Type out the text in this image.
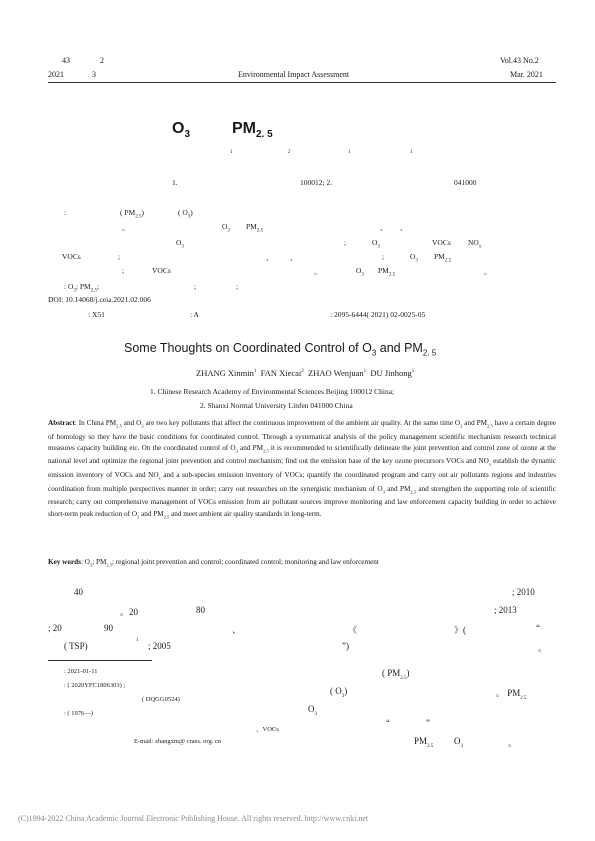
43	2
2021	3	Environmental Impact Assessment
Vol.43 No.2
Mar. 2021
$O_3$	$PM_{2. 5}$
1	2	1	1
1.	100012; 2.	041000
:	( $PM_{2.5}$)	( $O_3$)
。	$O_3$ $PM_{2.5}$	、 、
$O_3$	;	$O_3$	VOCs $NO_x$
VOCs	;	、 、	;	$O_3$ $PM_{2.5}$
;	VOCs	。	$O_3$ $PM_{2.5}$	。
: $O_3$; $PM_{2.5}$;	;	;
DOI: 10.14068/j.ceia.2021.02.006
: X51	: A	: 2095-6444( 2021) 02-0025-05
Some Thoughts on Coordinated Control of $O_3$ and $PM_{2. 5}$
ZHANG Xinmin$^1$ FAN Xiecai$^2$ ZHAO Wenjuan$^1$ DU Jinhong$^1$
1. Chinese Research Academy of Environmental Sciences Beijing 100012 China;
2. Shanxi Normal University Linfen 041000 China
Abstract: In China $PM_{2.5}$ and $O_3$ are two key pollutants that affect the continuous improvement of the ambient air quality. At the same time $O_3$ and $PM_{2.5}$ have a certain degree of homology so they have the basic conditions for coordinated control. Through a systematical analysis of the policy management scientific mechanism research technical measures capacity building etc. On the coordinated control of $O_3$ and $PM_{2.5}$ it is recommended to scientifically delineate the joint prevention and control zone of ozone at the national level and optimize the regional joint prevention and control mechanism; find out the emission base of the key ozone precursors VOCs and $NO_x$ establish the dynamic emission inventory of VOCs and $NO_x$ and a sub-species emission inventory of VOCs; quantify the coordinated program and carry out air pollutants regions and industries coordination from multiple perspectives manner in order; carry out researches on the synergistic mechanism of $O_3$ and $PM_{2.5}$ and strengthen the supporting role of scientific research; carry out comprehensive management of VOCs emission from air pollutant sources improve monitoring and law enforcement capacity building in order to achieve short-term peak reduction of $O_3$ and $PM_{2.5}$ and meet ambient air quality standards in long-term.
Key words: $O_3$; $PM_{2.5}$; regional joint prevention and control; coordinated control; monitoring and law enforcement
40	; 2010
。20	80	; 2013
; 20	90	、	《	》(	“
( TSP)
1
; 2005	”)	。
: 2021-01-11
: ( 2020YFC1806303) ;
( DQGG0524)
: ( 1976—)
、VOCs
E-mail: zhangxm@ craes. org. cn
( $PM_{2.5}$)
( $O_3$)	。 $PM_{2.5}$
$O_3$
“	”
$PM_{2.5}$
$O_3$	。
(C)1994-2022 China Academic Journal Electronic Publishing House. All rights reserved. http://www.cnki.net
